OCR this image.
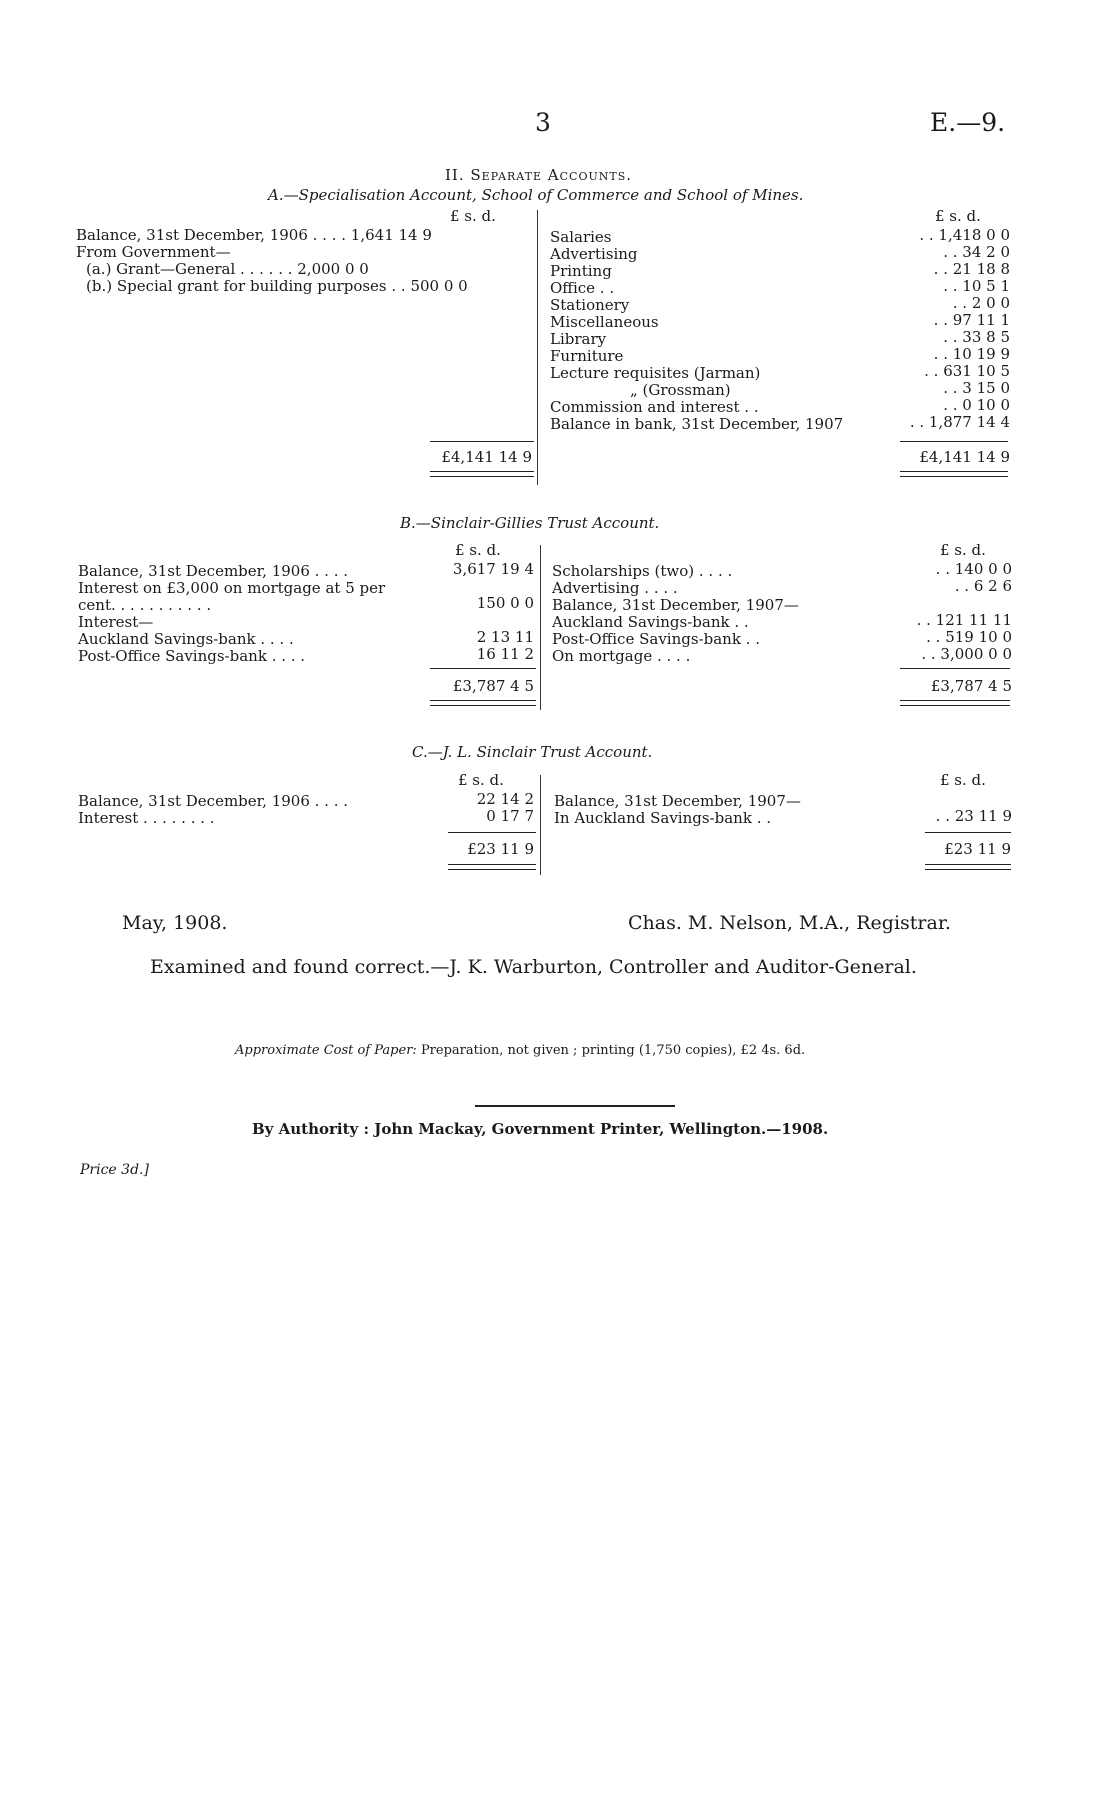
3	E.—9.
II. Separate Accounts.
A.—Specialisation Account, School of Commerce and School of Mines.
£ s. d.	£ s. d.
Balance, 31st December, 1906 . . . . 1,641 14 9
From Government—
(a.) Grant—General . . . . . . 2,000 0 0
(b.) Special grant for building purposes . . 500 0 0
£4,141 14 9
Salaries	. . 1,418 0 0
Advertising	. . 34 2 0
Printing	. . 21 18 8
Office . .	. . 10 5 1
Stationery	. . 2 0 0
Miscellaneous	. . 97 11 1
Library	. . 33 8 5
Furniture	. . 10 19 9
Lecture requisites (Jarman)	. . 631 10 5
„ (Grossman)	. . 3 15 0
Commission and interest . .	. . 0 10 0
Balance in bank, 31st December, 1907	. . 1,877 14 4
£4,141 14 9
B.—Sinclair-Gillies Trust Account.
£ s. d.	£ s. d.
Balance, 31st December, 1906 . . . .	3,617 19 4
Interest on £3,000 on mortgage at 5 per
cent. . . . . . . . . . .	150 0 0
Interest—
Auckland Savings-bank . . . .	2 13 11
Post-Office Savings-bank . . . .	16 11 2
£3,787 4 5
Scholarships (two) . . . .	. . 140 0 0
Advertising . . . .	. . 6 2 6
Balance, 31st December, 1907—
Auckland Savings-bank . .	. . 121 11 11
Post-Office Savings-bank . .	. . 519 10 0
On mortgage . . . .	. . 3,000 0 0
£3,787 4 5
C.—J. L. Sinclair Trust Account.
£ s. d.	£ s. d.
Balance, 31st December, 1906 . . . .	22 14 2
Interest . . . . . . . .	0 17 7
£23 11 9
Balance, 31st December, 1907—
In Auckland Savings-bank . .	. . 23 11 9
£23 11 9
May, 1908.	Chas. M. Nelson, M.A., Registrar.
Examined and found correct.—J. K. Warburton, Controller and Auditor-General.
Approximate Cost of Paper: Preparation, not given ; printing (1,750 copies), £2 4s. 6d.
By Authority : John Mackay, Government Printer, Wellington.—1908.
Price 3d.]
